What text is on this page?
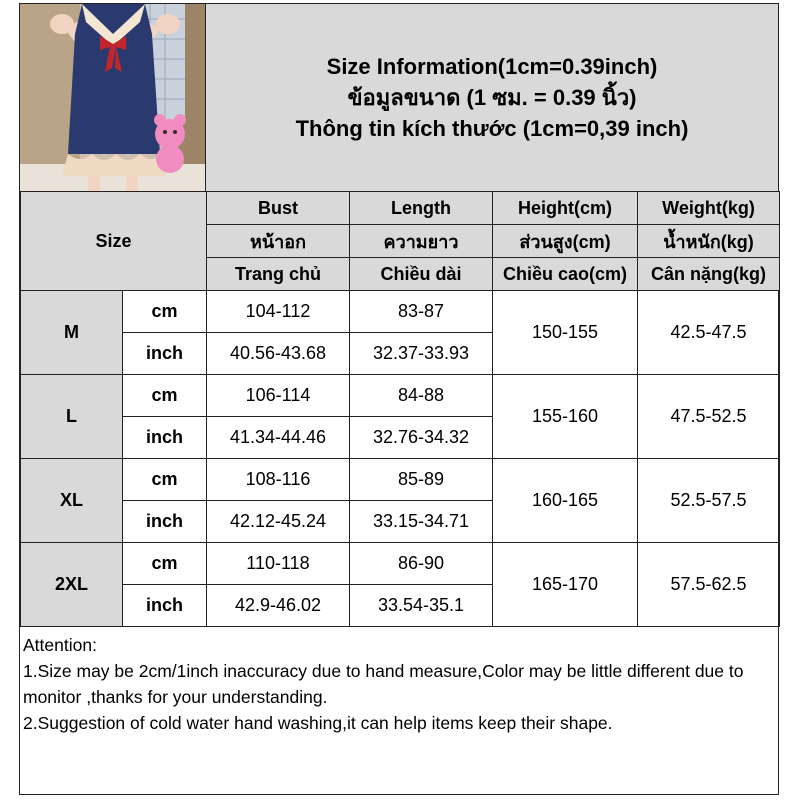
Size Information(1cm=0.39inch)
ข้อมูลขนาด (1 ซม. = 0.39 นิ้ว)
Thông tin kích thước (1cm=0,39 inch)
Size		Bust	Length	Height(cm)	Weight(kg)
		หน้าอก	ความยาว	ส่วนสูง(cm)	น้ำหนัก(kg)
		Trang chủ	Chiều dài	Chiều cao(cm)	Cân nặng(kg)
M	cm	104-112	83-87	150-155	42.5-47.5
	inch	40.56-43.68	32.37-33.93		
L	cm	106-114	84-88	155-160	47.5-52.5
	inch	41.34-44.46	32.76-34.32		
XL	cm	108-116	85-89	160-165	52.5-57.5
	inch	42.12-45.24	33.15-34.71		
2XL	cm	110-118	86-90	165-170	57.5-62.5
	inch	42.9-46.02	33.54-35.1		
Attention:
1.Size may be 2cm/1inch inaccuracy due to hand measure,Color may be little different due to monitor ,thanks for your understanding.
2.Suggestion of cold water hand washing,it can help items keep their shape.
